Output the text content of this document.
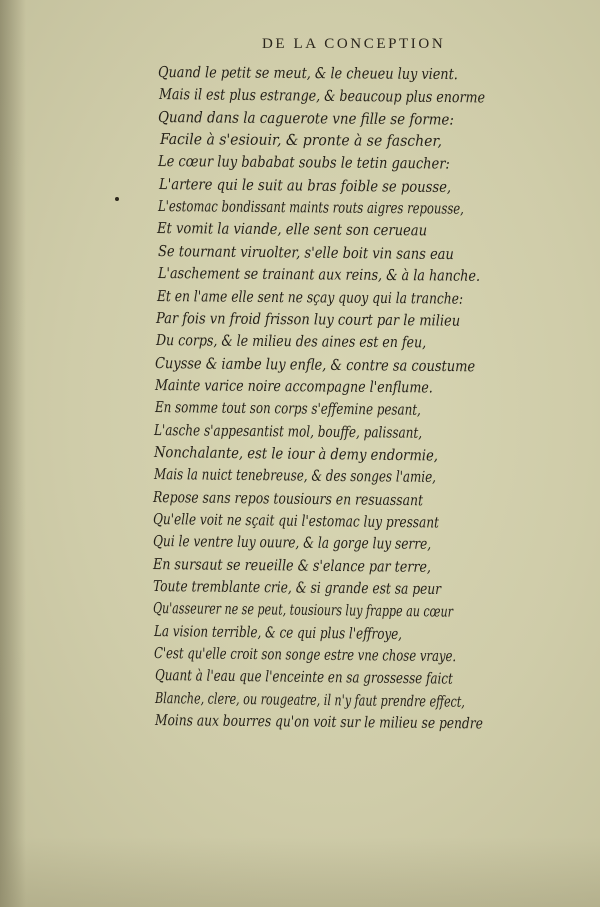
DE LA CONCEPTION
Quand le petit se meut, & le cheueu luy vient.
Mais il est plus estrange, & beaucoup plus enorme
Quand dans la caguerote vne fille se forme:
Facile à s'esiouir, & pronte à se fascher,
Le cœur luy bababat soubs le tetin gaucher:
L'artere qui le suit au bras foible se pousse,
L'estomac bondissant maints routs aigres repousse,
Et vomit la viande, elle sent son cerueau
Se tournant viruolter, s'elle boit vin sans eau
L'aschement se trainant aux reins, & à la hanche.
Et en l'ame elle sent ne sçay quoy qui la tranche:
Par fois vn froid frisson luy court par le milieu
Du corps, & le milieu des aines est en feu,
Cuysse & iambe luy enfle, & contre sa coustume
Mainte varice noire accompagne l'enflume.
En somme tout son corps s'effemine pesant,
L'asche s'appesantist mol, bouffe, palissant,
Nonchalante, est le iour à demy endormie,
Mais la nuict tenebreuse, & des songes l'amie,
Repose sans repos tousiours en resuassant
Qu'elle voit ne sçait qui l'estomac luy pressant
Qui le ventre luy ouure, & la gorge luy serre,
En sursaut se reueille & s'elance par terre,
Toute tremblante crie, & si grande est sa peur
Qu'asseurer ne se peut, tousiours luy frappe au cœur
La vision terrible, & ce qui plus l'effroye,
C'est qu'elle croit son songe estre vne chose vraye.
Quant à l'eau que l'enceinte en sa grossesse faict
Blanche, clere, ou rougeatre, il n'y faut prendre effect,
Moins aux bourres qu'on voit sur le milieu se pendre
